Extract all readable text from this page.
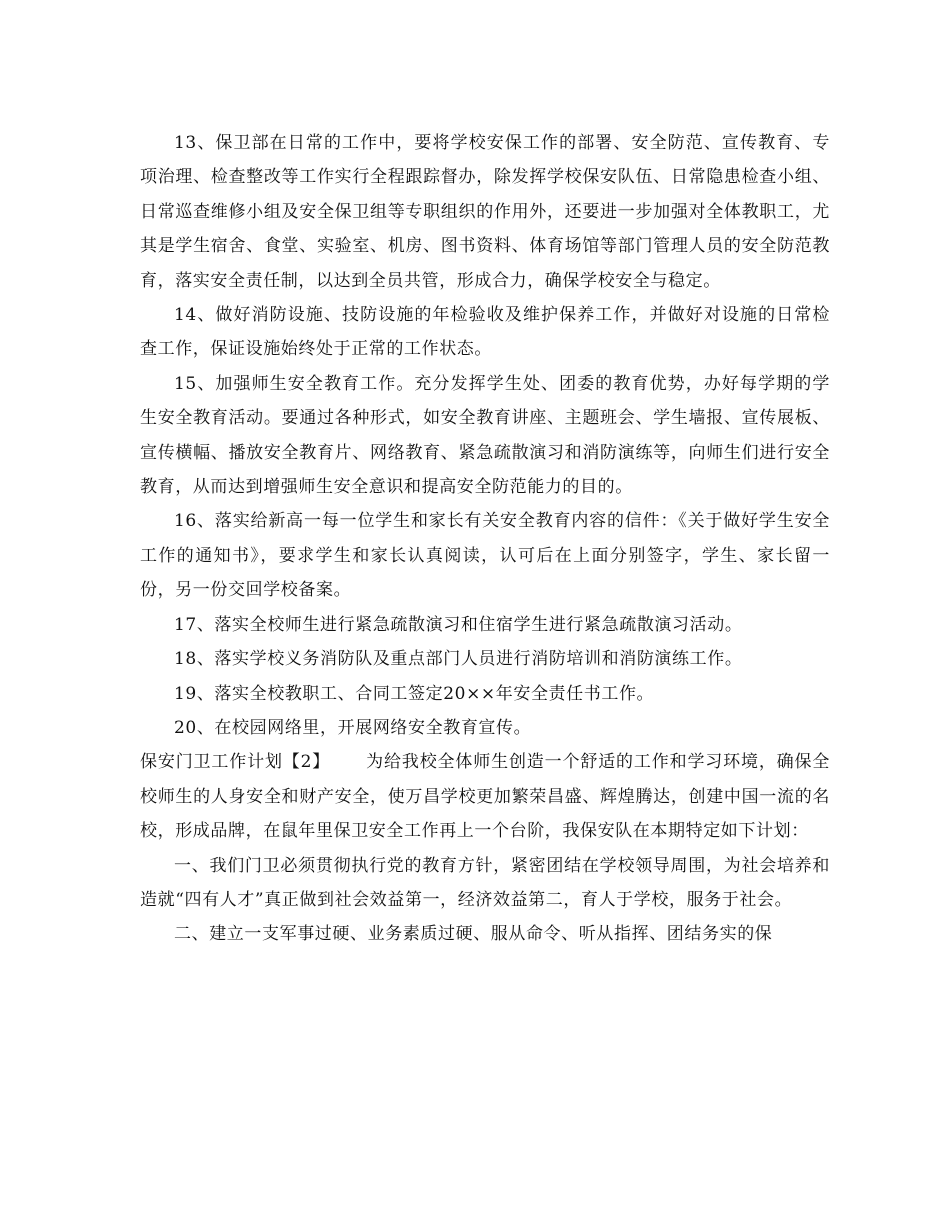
13、保卫部在日常的工作中，要将学校安保工作的部署、安全防范、宣传教育、专项治理、检查整改等工作实行全程跟踪督办，除发挥学校保安队伍、日常隐患检查小组、日常巡查维修小组及安全保卫组等专职组织的作用外，还要进一步加强对全体教职工，尤其是学生宿舍、食堂、实验室、机房、图书资料、体育场馆等部门管理人员的安全防范教育，落实安全责任制，以达到全员共管，形成合力，确保学校安全与稳定。

14、做好消防设施、技防设施的年检验收及维护保养工作，并做好对设施的日常检查工作，保证设施始终处于正常的工作状态。

15、加强师生安全教育工作。充分发挥学生处、团委的教育优势，办好每学期的学生安全教育活动。要通过各种形式，如安全教育讲座、主题班会、学生墙报、宣传展板、宣传横幅、播放安全教育片、网络教育、紧急疏散演习和消防演练等，向师生们进行安全教育，从而达到增强师生安全意识和提高安全防范能力的目的。

16、落实给新高一每一位学生和家长有关安全教育内容的信件：《关于做好学生安全工作的通知书》，要求学生和家长认真阅读，认可后在上面分别签字，学生、家长留一份，另一份交回学校备案。

17、落实全校师生进行紧急疏散演习和住宿学生进行紧急疏散演习活动。

18、落实学校义务消防队及重点部门人员进行消防培训和消防演练工作。

19、落实全校教职工、合同工签定20××年安全责任书工作。

20、在校园网络里，开展网络安全教育宣传。

保安门卫工作计划【2】 为给我校全体师生创造一个舒适的工作和学习环境，确保全校师生的人身安全和财产安全，使万昌学校更加繁荣昌盛、辉煌腾达，创建中国一流的名校，形成品牌，在鼠年里保卫安全工作再上一个台阶，我保安队在本期特定如下计划：

一、我们门卫必须贯彻执行党的教育方针，紧密团结在学校领导周围，为社会培养和造就“四有人才”真正做到社会效益第一，经济效益第二，育人于学校，服务于社会。

二、建立一支军事过硬、业务素质过硬、服从命令、听从指挥、团结务实的保
